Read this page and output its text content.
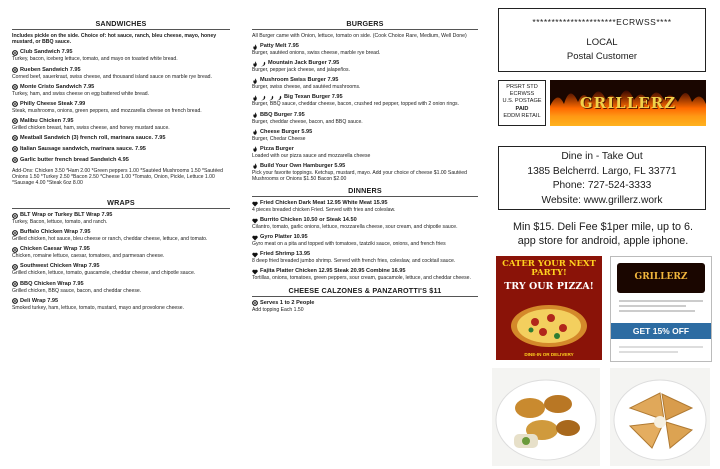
SANDWICHES
Includes pickle on the side. Choice of: hot sauce, ranch, bleu cheese, mayo, honey mustard, or BBQ sauce.
Club Sandwich 7.95
Turkey, bacon, iceberg lettuce, tomato, and mayo on toasted white bread.
Rueben Sandwich 7.95
Corned beef, sauerkraut, swiss cheese, and thousand island sauce on marble rye bread.
Monte Cristo Sandwich 7.95
Turkey, ham, and swiss cheese on egg battered white bread.
Philly Cheese Steak 7.99
Steak, mushrooms, onions, green peppers, and mozzarella cheese on french bread.
Malibu Chicken 7.95
Grilled chicken breast, ham, swiss cheese, and honey mustard sauce.
Meatball Sandwich (3) french roll, marinara sauce. 7.95
Italian Sausage sandwich, marinara sauce. 7.95
Garlic butter french bread Sandwich 4.95
Add-Ons: Chicken 3.50 *Ham 2.00 *Green peppers 1.00 *Sautéed Mushrooms 1.50 *Sautéed Onions 1.50 *Turkey 2.50 *Bacon 2.50 *Cheese 1.00 *Tomato, Onion, Pickle, Lettuce 1.00 *Sausage 4.00 *Steak 6oz 8.00
WRAPS
BLT Wrap or Turkey BLT Wrap 7.95
Turkey, Bacon, lettuce, tomato, and ranch.
Buffalo Chicken Wrap 7.95
Grilled chicken, hot sauce, bleu cheese or ranch, cheddar cheese, lettuce, and tomato.
Chicken Caesar Wrap 7.95
Chicken, romaine lettuce, caesar, tomatoes, and parmesan cheese.
Southwest Chicken Wrap 7.95
Grilled chicken, lettuce, tomato, guacamole, cheddar cheese, and chipotle sauce.
BBQ Chicken Wrap 7.95
Grilled chicken, BBQ sauce, bacon, and cheddar cheese.
Deli Wrap 7.95
Smoked turkey, ham, lettuce, tomato, mustard, mayo and provolone cheese.
BURGERS
All Burger came with Onion, lettuce, tomato on side. (Cook Choice Rare, Medium, Well Done)
Patty Melt 7.95
Burger, sautéed onions, swiss cheese, marble rye bread.
Mountain Jack Burger 7.95
Burger, pepper jack cheese, and jalapeños.
Mushroom Swiss Burger 7.95
Burger, swiss cheese, and sautéed mushrooms.
Big Texan Burger 7.95
Burger, BBQ sauce, cheddar cheese, bacon, crushed red pepper, topped with 2 onion rings.
BBQ Burger 7.95
Burger, cheddar cheese, bacon, and BBQ sauce.
Cheese Burger 5.95
Burger, Chedar Cheese
Pizza Burger
Loaded with our pizza sauce and mozzarella cheese
Build Your Own Hamburger 5.95
Pick your favorite toppings. Ketchup, mustard, mayo. Add your choice of cheese $1.00 Sautéed Mushrooms or Onions $1.50 Bacon $2.00
DINNERS
Fried Chicken Dark Meat 12.95 White Meat 15.95
4 pieces breaded chicken Fried. Served with fries and coleslaw.
Burrito Chicken 10.50 or Steak 14.50
Cilantro, tomato, garlic onions, lettuce, mozzarella cheese, sour cream, and chipotle sauce.
Gyro Platter 10.95
Gyro meat on a pita and topped with tomatoes, tzatziki sauce, onions, and french fries
Fried Shrimp 13.95
8 deep fried breaded jumbo shrimp. Served with french fries, coleslaw, and cocktail sauce.
Fajita Platter Chicken 12.95 Steak 20.95 Combine 16.95
Tortillas, onions, tomatoes, green peppers, sour cream, guacamole, lettuce, and cheddar cheese.
CHEESE CALZONES & PANZAROTTI'S $11
Serves 1 to 2 People
Add topping Each 1.50
**********************ECRWSS****
LOCAL
Postal Customer
PRSRT STD
ECRWSS
U.S. POSTAGE
PAID
EDDM RETAIL
GRILLERZ
Dine in - Take Out
1385 Belcherrd. Largo, FL 33771
Phone: 727-524-3333
Website: www.grillerz.work
Min $15. Deli Fee $1per mile, up to 6.
app store for android, apple iphone.
CATER YOUR NEXT PARTY!
TRY OUR PIZZA!
DINE-IN OR DELIVERY
GRILLERZ
GET 15% OFF
